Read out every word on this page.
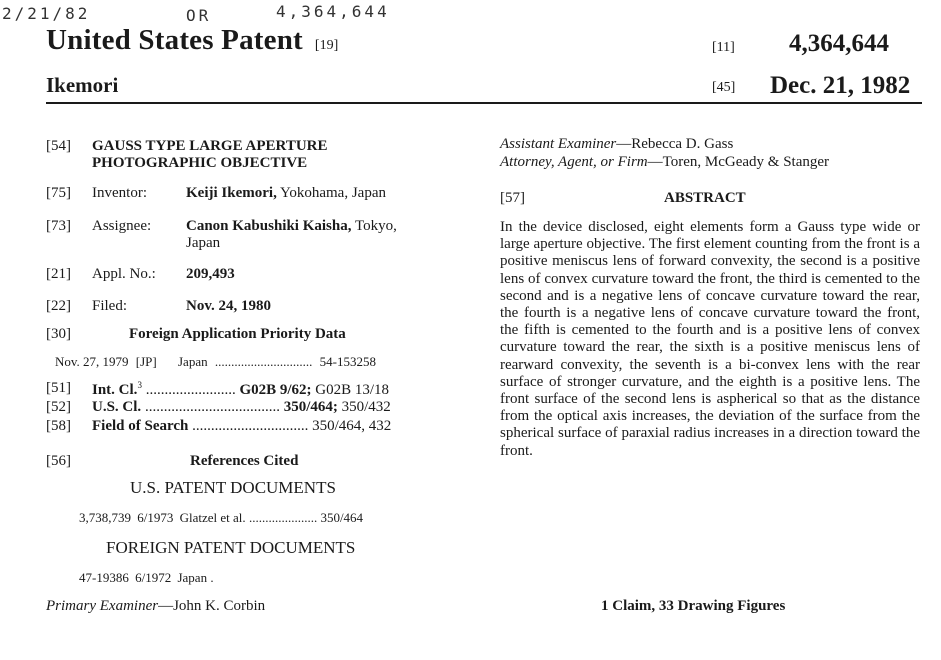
2/21/82	OR	4,364,644
United States Patent [19]
Ikemori
[11] 4,364,644
[45] Dec. 21, 1982
[54] GAUSS TYPE LARGE APERTURE
PHOTOGRAPHIC OBJECTIVE
[75] Inventor:	Keiji Ikemori, Yokohama, Japan
[73] Assignee: Canon Kabushiki Kaisha, Tokyo,
Japan
[21] Appl. No.: 209,493
[22] Filed:	Nov. 24, 1980
[30]	Foreign Application Priority Data
Nov. 27, 1979 [JP] Japan .............................. 54-153258
[51] Int. Cl.$^3$ ........................ G02B 9/62; G02B 13/18
[52] U.S. Cl. .................................... 350/464; 350/432
[58] Field of Search ............................... 350/464, 432
[56]	References Cited
U.S. PATENT DOCUMENTS
3,738,739 6/1973 Glatzel et al. ..................... 350/464
FOREIGN PATENT DOCUMENTS
47-19386 6/1972 Japan .
Primary Examiner—John K. Corbin
Assistant Examiner—Rebecca D. Gass
Attorney, Agent, or Firm—Toren, McGeady & Stanger
[57]	ABSTRACT
In the device disclosed, eight elements form a Gauss type wide or large aperture objective. The first element counting from the front is a positive meniscus lens of forward convexity, the second is a positive lens of convex curvature toward the front, the third is cemented to the second and is a negative lens of concave curvature toward the rear, the fourth is a negative lens of concave curvature toward the front, the fifth is cemented to the fourth and is a positive lens of convex curvature toward the rear, the sixth is a positive meniscus lens of rearward convexity, the seventh is a bi-convex lens with the rear surface of stronger curvature, and the eighth is a positive lens. The front surface of the second lens is aspherical so that as the distance from the optical axis increases, the deviation of the surface from the spherical surface of paraxial radius increases in a direction toward the front.
1 Claim, 33 Drawing Figures
